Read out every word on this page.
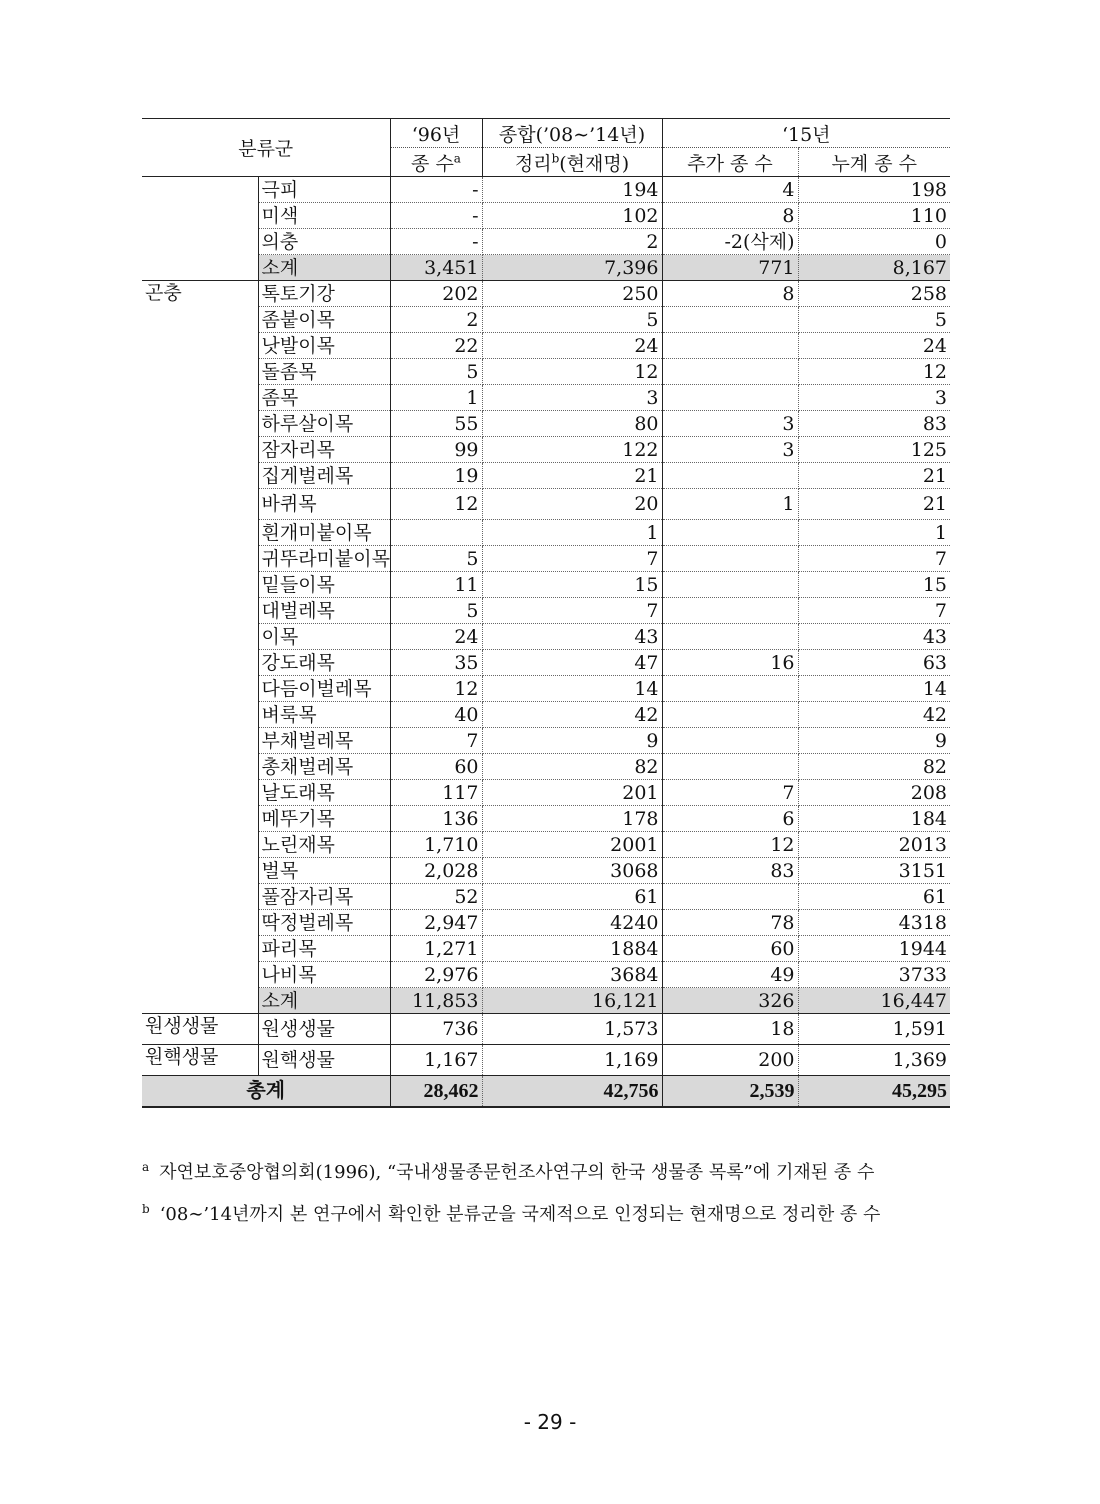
분류군		‘96년	종합(’08∼’14년)	‘15년	
		종 수$^a$	정리$^b$(현재명)	추가 종 수	누계 종 수
	극피	-	194	4	198
	미색	-	102	8	110
	의충	-	2	-2(삭제)	0
	소계	3,451	7,396	771	8,167
곤충	톡토기강	202	250	8	258
	좀붙이목	2	5		5
	낫발이목	22	24		24
	돌좀목	5	12		12
	좀목	1	3		3
	하루살이목	55	80	3	83
	잠자리목	99	122	3	125
	집게벌레목	19	21		21
	바퀴목	12	20	1	21
	흰개미붙이목		1		1
	귀뚜라미붙이목	5	7		7
	밑들이목	11	15		15
	대벌레목	5	7		7
	이목	24	43		43
	강도래목	35	47	16	63
	다듬이벌레목	12	14		14
	벼룩목	40	42		42
	부채벌레목	7	9		9
	총채벌레목	60	82		82
	날도래목	117	201	7	208
	메뚜기목	136	178	6	184
	노린재목	1,710	2001	12	2013
	벌목	2,028	3068	83	3151
	풀잠자리목	52	61		61
	딱정벌레목	2,947	4240	78	4318
	파리목	1,271	1884	60	1944
	나비목	2,976	3684	49	3733
	소계	11,853	16,121	326	16,447
원생생물	원생생물	736	1,573	18	1,591
원핵생물	원핵생물	1,167	1,169	200	1,369
총계		28,462	42,756	2,539	45,295
$^a$ 자연보호중앙협의회(1996), “국내생물종문헌조사연구의 한국 생물종 목록”에 기재된 종 수
$^b$ ‘08∼’14년까지 본 연구에서 확인한 분류군을 국제적으로 인정되는 현재명으로 정리한 종 수
- 29 -
